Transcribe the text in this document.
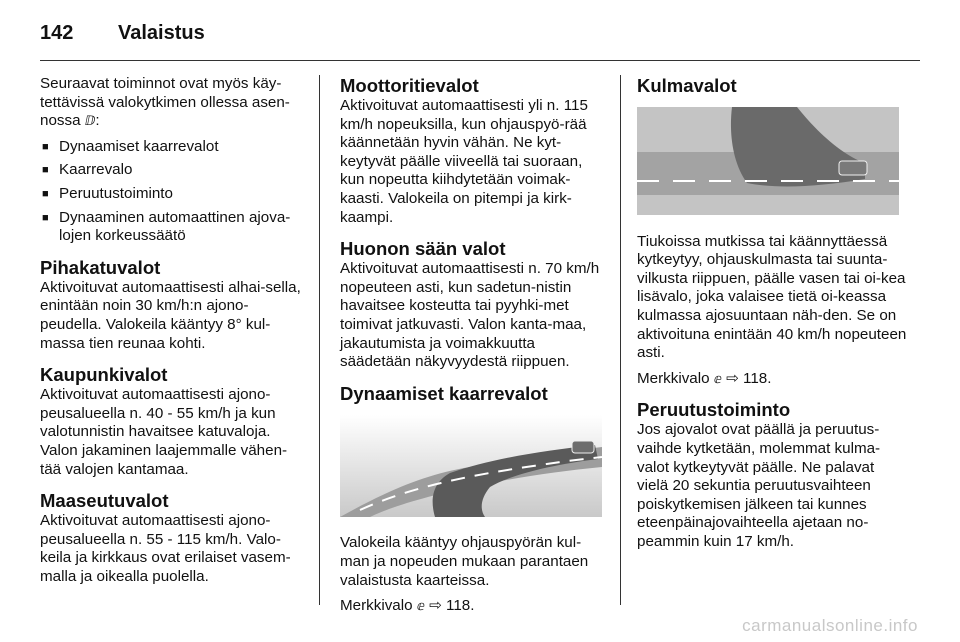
142	Valaistus

Seuraavat toiminnot ovat myös käy-tettävissä valokytkimen ollessa asen-nossa ⅅ:

■ Dynaamiset kaarrevalot
■ Kaarrevalo
■ Peruutustoiminto
■ Dynaaminen automaattinen ajova-lojen korkeussäätö
Pihakatuvalot

Aktivoituvat automaattisesti alhai-sella, enintään noin 30 km/h:n ajono-peudella. Valokeila kääntyy 8° kul-massa tien reunaa kohti.

Kaupunkivalot

Aktivoituvat automaattisesti ajono-peusalueella n. 40 - 55 km/h ja kun valotunnistin havaitsee katuvaloja. Valon jakaminen laajemmalle vähen-tää valojen kantamaa.

Maaseutuvalot

Aktivoituvat automaattisesti ajono-peusalueella n. 55 - 115 km/h. Valo-keila ja kirkkaus ovat erilaiset vasem-malla ja oikealla puolella.

Moottoritievalot

Aktivoituvat automaattisesti yli n. 115 km/h nopeuksilla, kun ohjauspyö-rää käännetään hyvin vähän. Ne kyt-keytyvät päälle viiveellä tai suoraan, kun nopeutta kiihdytetään voimak-kaasti. Valokeila on pitempi ja kirk-kaampi.

Huonon sään valot

Aktivoituvat automaattisesti n. 70 km/h nopeuteen asti, kun sadetun-nistin havaitsee kosteutta tai pyyhki-met toimivat jatkuvasti. Valon kanta-maa, jakautumista ja voimakkuutta säädetään näkyvyydestä riippuen.

Dynaamiset kaarrevalot

Valokeila kääntyy ohjauspyörän kul-man ja nopeuden mukaan parantaen valaistusta kaarteissa.

Merkkivalo ⅇ ⇨ 118.

Kulmavalot

Tiukoissa mutkissa tai käännyttäessä kytkeytyy, ohjauskulmasta tai suunta-vilkusta riippuen, päälle vasen tai oi-kea lisävalo, joka valaisee tietä oi-keassa kulmassa ajosuuntaan näh-den. Se on aktivoituna enintään 40 km/h nopeuteen asti.

Merkkivalo ⅇ ⇨ 118.

Peruutustoiminto

Jos ajovalot ovat päällä ja peruutus-vaihde kytketään, molemmat kulma-valot kytkeytyvät päälle. Ne palavat vielä 20 sekuntia peruutusvaihteen poiskytkemisen jälkeen tai kunnes eteenpäinajovaihteella ajetaan no-peammin kuin 17 km/h.

carmanualsonline.info
